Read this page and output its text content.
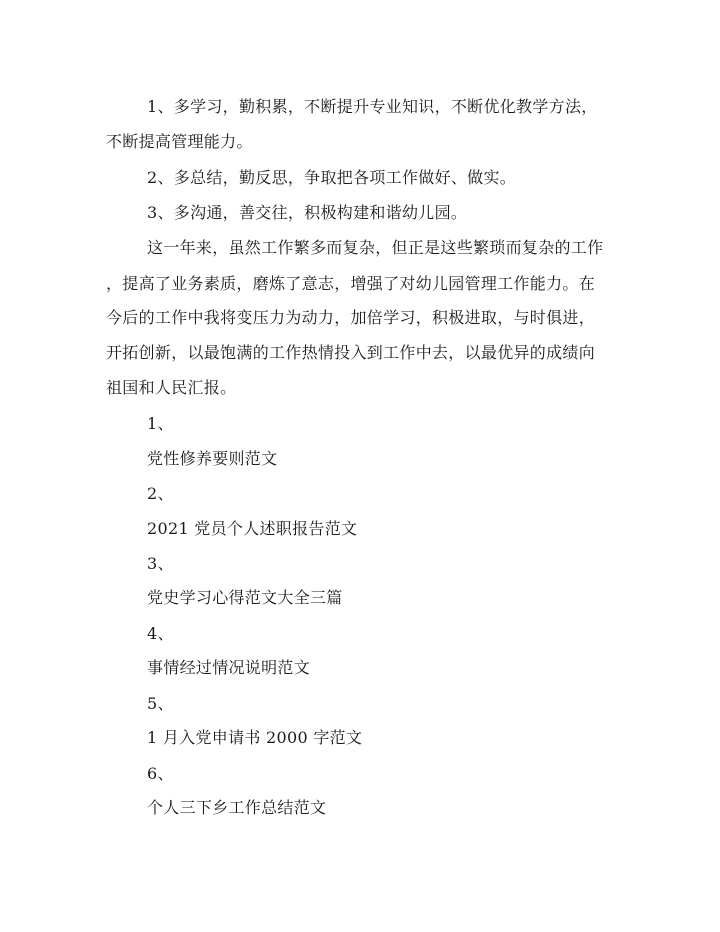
1、多学习，勤积累，不断提升专业知识，不断优化教学方法，
不断提高管理能力。
2、多总结，勤反思，争取把各项工作做好、做实。
3、多沟通，善交往，积极构建和谐幼儿园。
这一年来，虽然工作繁多而复杂，但正是这些繁琐而复杂的工作
，提高了业务素质，磨炼了意志，增强了对幼儿园管理工作能力。在
今后的工作中我将变压力为动力，加倍学习，积极进取，与时俱进，
开拓创新，以最饱满的工作热情投入到工作中去，以最优异的成绩向
祖国和人民汇报。
1、
党性修养要则范文
2、
2021 党员个人述职报告范文
3、
党史学习心得范文大全三篇
4、
事情经过情况说明范文
5、
1 月入党申请书 2000 字范文
6、
个人三下乡工作总结范文
